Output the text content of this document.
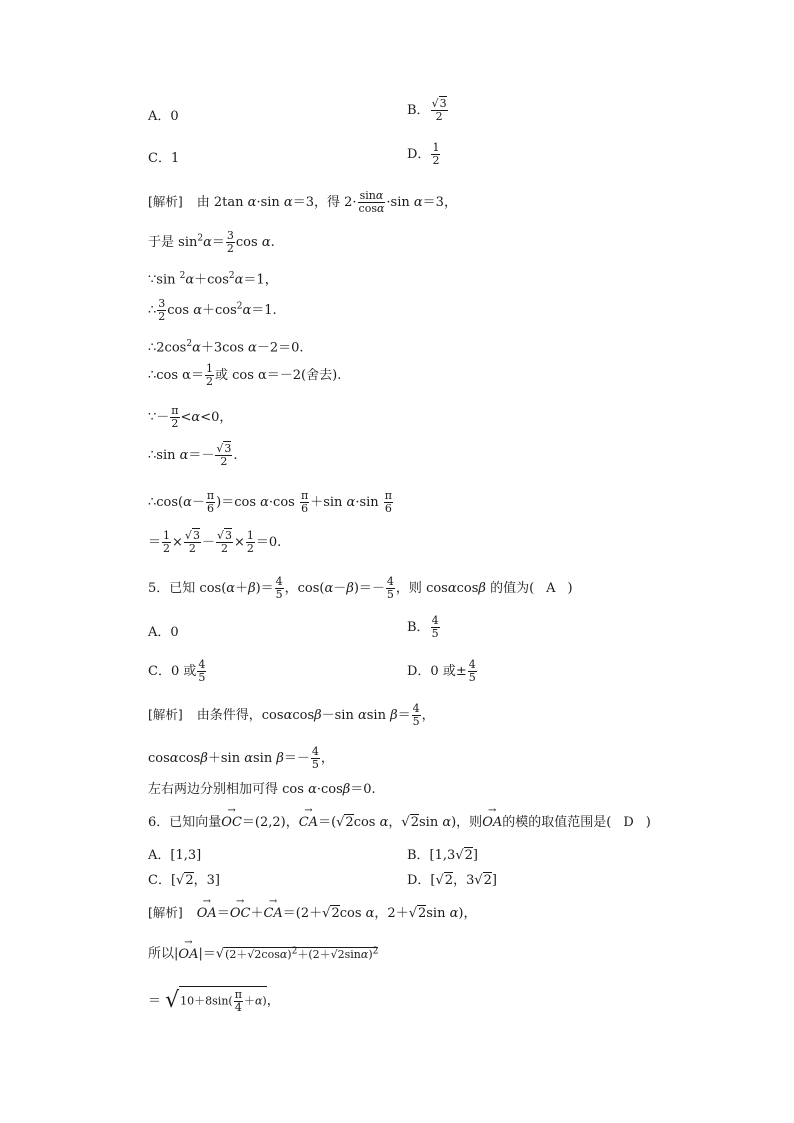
A．0	B． $\frac{√3}{2}$
C．1	D． $\frac{1}{2}$
[解析] 由 2tan α·sin α＝3，得 $2\cdot \frac{\sin\alpha}{\cos\alpha} \cdot\sin$ α＝3，
于是 $\sin^2\alpha= \frac{3}{2}$ cos α.
∵sin $^2\alpha+\cos^2\alpha=1$，
∴ $\frac{3}{2}$ $\cos \alpha+\cos^2\alpha=1$.
$\therefore 2\cos^2\alpha+3\cos$ α－2＝0.
∴cos $\alpha= \frac{1}{2}$ 或 cos α＝－2(舍去).
∵－ $\frac{\pi}{2} <\alpha<0$，
∴sin $\alpha=- \frac{√3}{2}$ .
∴cos(α－ $\frac{\pi}{6} )=\cos$ $\alpha\cdot\cos \frac{\pi}{6} +\sin$ $\alpha\cdot\sin \frac{\pi}{6}$
＝ $\frac{1}{2} \times \frac{√3}{2} - \frac{√3}{2} \times \frac{1}{2} =0$.
5．已知 $\cos(\alpha+\beta)= \frac{4}{5}$ ，$\cos(\alpha-\beta)=- \frac{4}{5}$ ，则 cosαcosβ 的值为( A )
A．0	B． $\frac{4}{5}$
C．0 或 $\frac{4}{5}$	D．0 或± $\frac{4}{5}$
[解析] 由条件得，cosαcosβ－sin αsin $\beta= \frac{4}{5}$ ，
cosαcosβ＋sin αsin $\beta=- \frac{4}{5}$ ，
左右两边分别相加可得 cos α·cosβ＝0.
6．已知向量→ OC＝(2,2)，→ CA＝(√2cos α，√2sin α)，则→ OA的模的取值范围是( D )
A．[1,3]	B．[1,3√2]
C．[√2，3]	D．[√2，3√2]
[解析]→ OA＝→ OC＋→ CA＝(2＋√2cos α，2＋√2sin α)，
所以|→ $OA|=√(2+√2\cos\alpha)^2+(2+√2\sin\alpha)^2$
＝ $√10+8\sin( \frac{\pi}{4} +\alpha)$，
